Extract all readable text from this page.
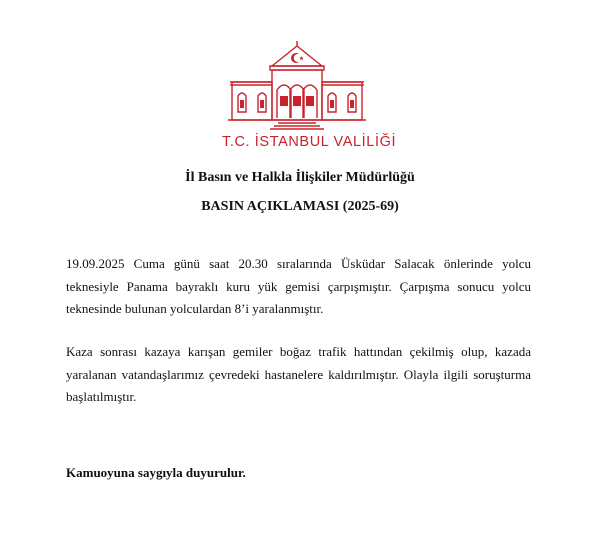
T.C. İSTANBUL VALİLİĞİ
İl Basın ve Halkla İlişkiler Müdürlüğü
BASIN AÇIKLAMASI (2025-69)

19.09.2025 Cuma günü saat 20.30 sıralarında Üsküdar Salacak önlerinde yolcu teknesiyle Panama bayraklı kuru yük gemisi çarpışmıştır. Çarpışma sonucu yolcu teknesinde bulunan yolculardan 8’i yaralanmıştır.

Kaza sonrası kazaya karışan gemiler boğaz trafik hattından çekilmiş olup, kazada yaralanan vatandaşlarımız çevredeki hastanelere kaldırılmıştır. Olayla ilgili soruşturma başlatılmıştır.

Kamuoyuna saygıyla duyurulur.
